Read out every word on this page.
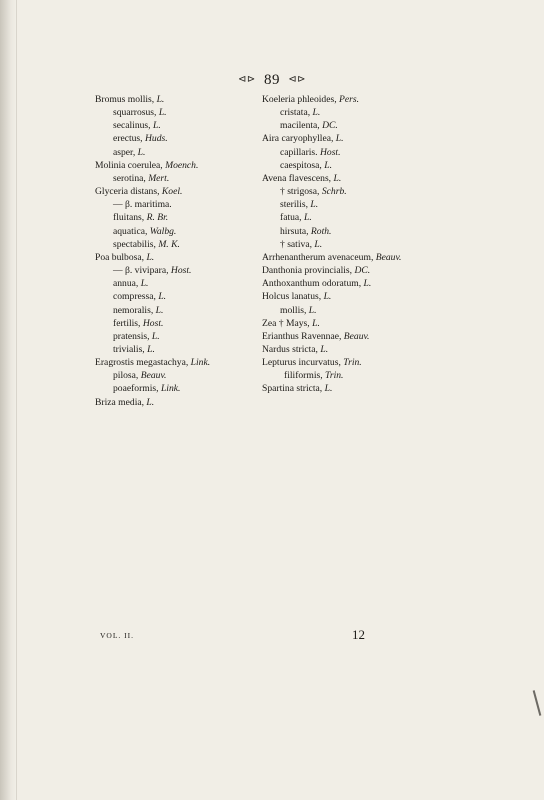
⊲⊳ 89 ⊲⊳
Bromus mollis, L.
squarrosus, L.
secalinus, L.
erectus, Huds.
asper, L.
Molinia coerulea, Moench.
serotina, Mert.
Glyceria distans, Koel.
— β. maritima.
fluitans, R. Br.
aquatica, Walbg.
spectabilis, M. K.
Poa bulbosa, L.
— β. vivipara, Host.
annua, L.
compressa, L.
nemoralis, L.
fertilis, Host.
pratensis, L.
trivialis, L.
Eragrostis megastachya, Link.
pilosa, Beauv.
poaeformis, Link.
Briza media, L.
Koeleria phleoides, Pers.
cristata, L.
macilenta, DC.
Aira caryophyllea, L.
capillaris. Host.
caespitosa, L.
Avena flavescens, L.
† strigosa, Schrb.
sterilis, L.
fatua, L.
hirsuta, Roth.
† sativa, L.
Arrhenantherum avenaceum, Beauv.
Danthonia provincialis, DC.
Anthoxanthum odoratum, L.
Holcus lanatus, L.
mollis, L.
Zea † Mays, L.
Erianthus Ravennae, Beauv.
Nardus stricta, L.
Lepturus incurvatus, Trin.
filiformis, Trin.
Spartina stricta, L.
VOL. II.	12
